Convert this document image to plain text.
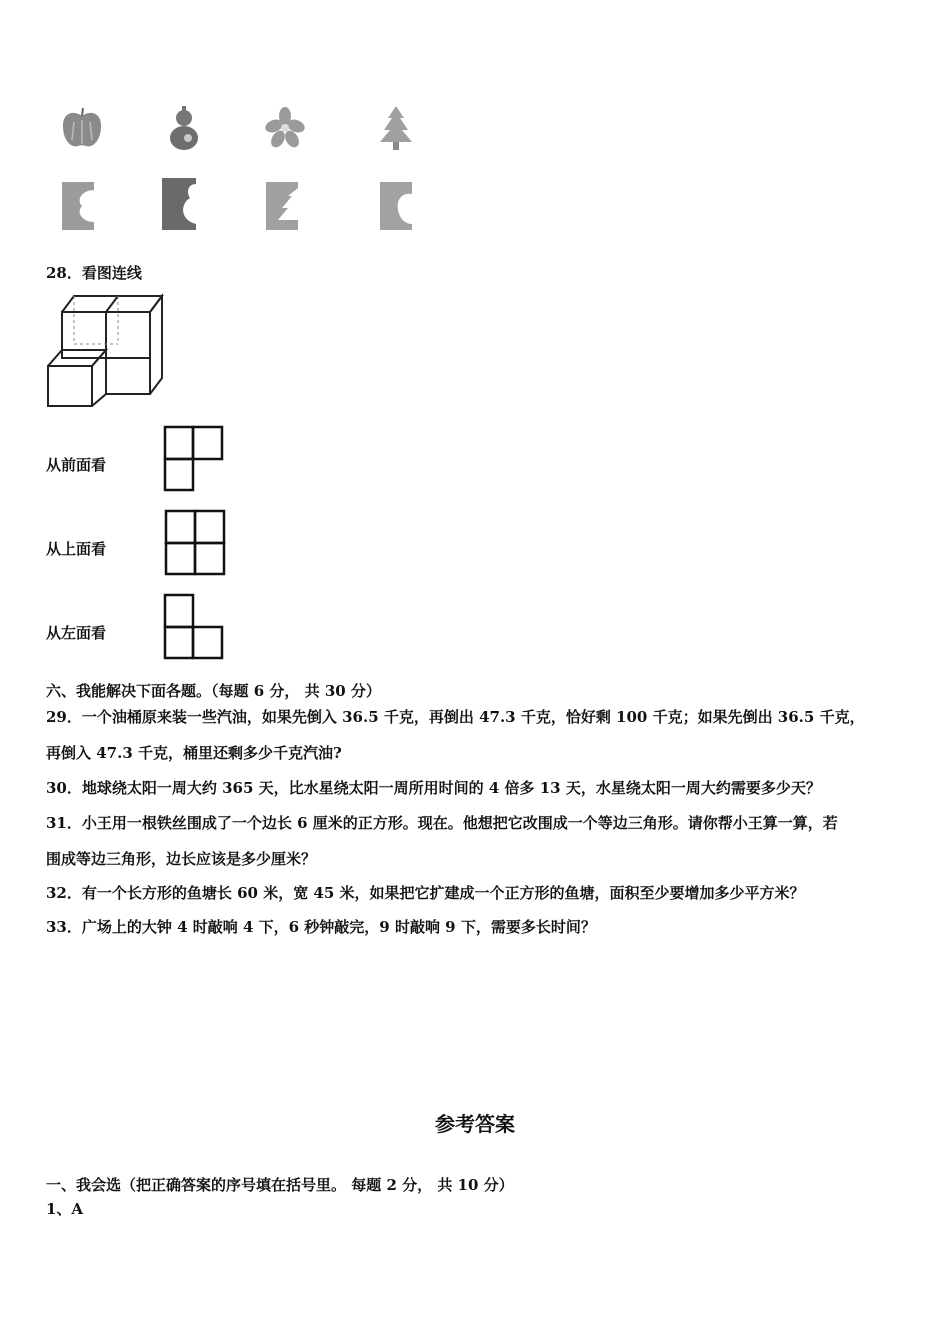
28．看图连线
从前面看
从上面看
从左面看
六、我能解决下面各题。（每题 6 分， 共 30 分）
29．一个油桶原来装一些汽油，如果先倒入 36.5 千克，再倒出 47.3 千克，恰好剩 100 千克；如果先倒出 36.5 千克，
再倒入 47.3 千克，桶里还剩多少千克汽油?
30．地球绕太阳一周大约 365 天，比水星绕太阳一周所用时间的 4 倍多 13 天，水星绕太阳一周大约需要多少天？
31．小王用一根铁丝围成了一个边长 6 厘米的正方形。现在。他想把它改围成一个等边三角形。请你帮小王算一算，若
围成等边三角形，边长应该是多少厘米？
32．有一个长方形的鱼塘长 60 米，宽 45 米，如果把它扩建成一个正方形的鱼塘，面积至少要增加多少平方米？
33．广场上的大钟 4 时敲响 4 下，6 秒钟敲完，9 时敲响 9 下，需要多长时间？
参考答案
一、我会选（把正确答案的序号填在括号里。 每题 2 分， 共 10 分）
1、A
